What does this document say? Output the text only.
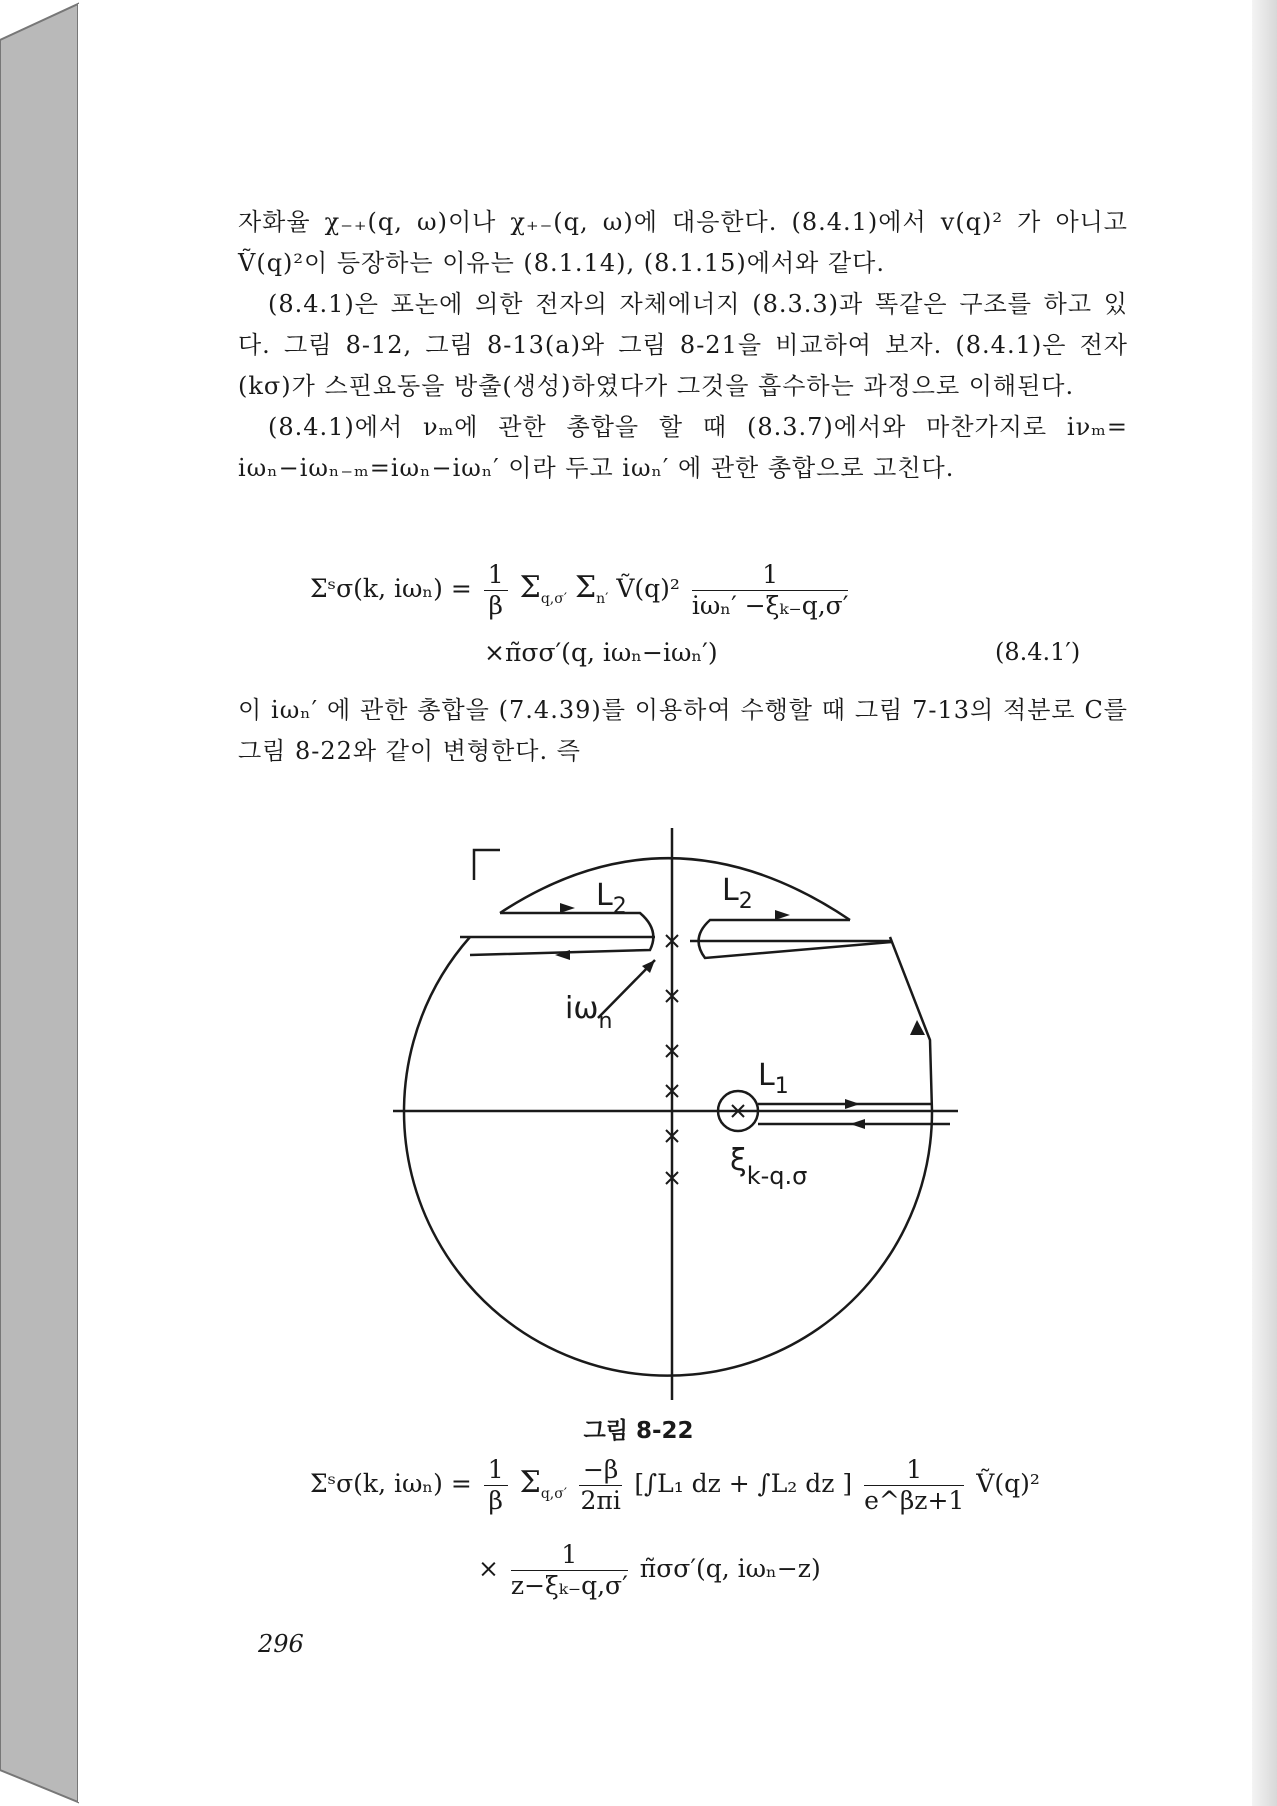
자화율 χ₋₊(q, ω)이나 χ₊₋(q, ω)에 대응한다. (8.4.1)에서 v(q)² 가 아니고 Ṽ(q)²이 등장하는 이유는 (8.1.14), (8.1.15)에서와 같다.

(8.4.1)은 포논에 의한 전자의 자체에너지 (8.3.3)과 똑같은 구조를 하고 있다. 그림 8-12, 그림 8-13(a)와 그림 8-21을 비교하여 보자. (8.4.1)은 전자 (kσ)가 스핀요동을 방출(생성)하였다가 그것을 흡수하는 과정으로 이해된다.

(8.4.1)에서 νₘ에 관한 총합을 할 때 (8.3.7)에서와 마찬가지로 iνₘ= iωₙ−iωₙ₋ₘ=iωₙ−iωₙ′ 이라 두고 iωₙ′ 에 관한 총합으로 고친다.

Σˢσ(k, $i\omega_n) = \frac{1}{\beta} \Sigma_{q,\sigma'}$ $\Sigma_{n'}$ Ṽ(q)² $\frac{1}{\text{iωₙ′ −ξₖ₋q,σ′}}$
×π̃σσ′(q, iωₙ−iωₙ′)	(8.4.1′)

이 iωₙ′ 에 관한 총합을 (7.4.39)를 이용하여 수행할 때 그림 7-13의 적분로 C를 그림 8-22와 같이 변형한다. 즉

$L_2$	$L_2$
$L_1$
$i\omega_n$
$\xi_{k-q.\sigma}$
Γ
그림 8-22
Σˢσ(k, $i\omega_n) = \frac{1}{\beta} \Sigma_{q,\sigma'} \frac{-\beta}{2\pi i} [\int L_1$ dz + ∫L₂ dz ] $\frac{1}{e\^{}\beta z+1}$ Ṽ(q)²
× $\frac{1}{\text{z−ξₖ₋q,σ′}}$ π̃σσ′(q, iωₙ−z)
296
